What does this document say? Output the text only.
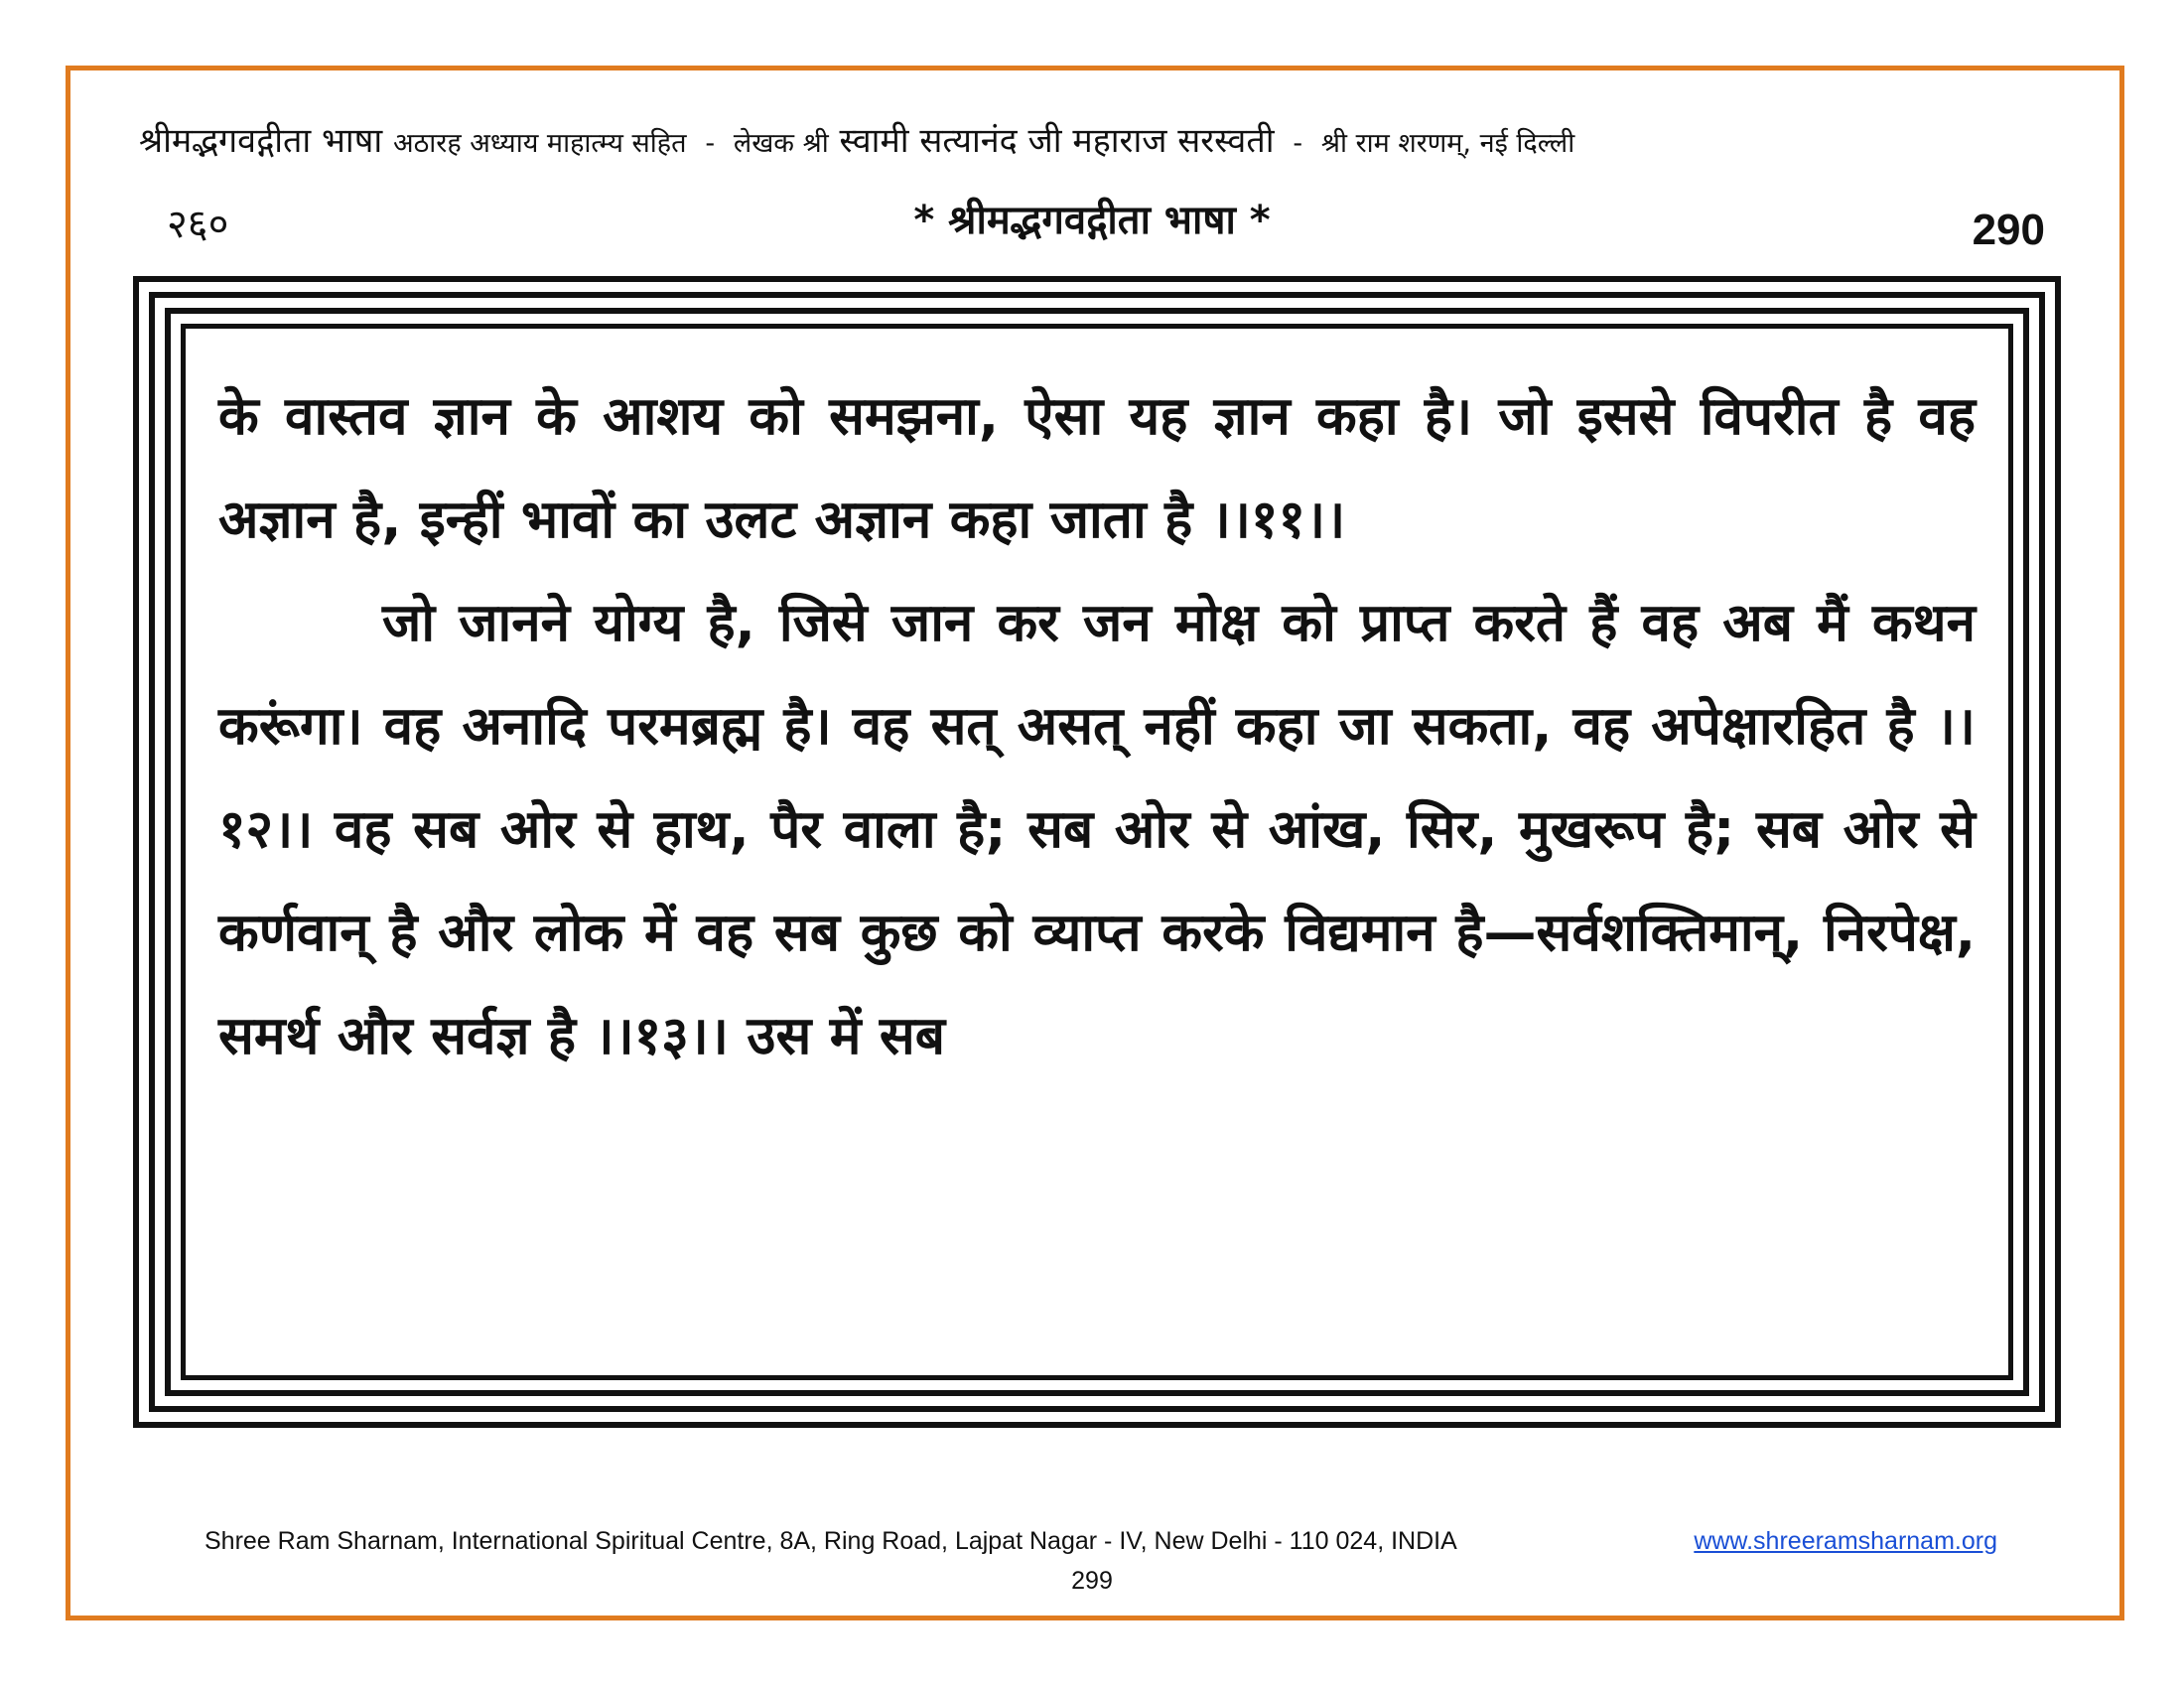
श्रीमद्भगवद्गीता भाषा अठारह अध्याय माहात्म्य सहित - लेखक श्री स्वामी सत्यानंद जी महाराज सरस्वती - श्री राम शरणम्, नई दिल्ली
२६०	* श्रीमद्भगवद्गीता भाषा *	290

के वास्तव ज्ञान के आशय को समझना, ऐसा यह ज्ञान कहा है। जो इससे विपरीत है वह अज्ञान है, इन्हीं भावों का उलट अज्ञान कहा जाता है ।।११।।

जो जानने योग्य है, जिसे जान कर जन मोक्ष को प्राप्त करते हैं वह अब मैं कथन करूंगा। वह अनादि परमब्रह्म है। वह सत् असत् नहीं कहा जा सकता, वह अपेक्षारहित है ।।१२।। वह सब ओर से हाथ, पैर वाला है; सब ओर से आंख, सिर, मुखरूप है; सब ओर से कर्णवान् है और लोक में वह सब कुछ को व्याप्त करके विद्यमान है—सर्वशक्तिमान्, निरपेक्ष, समर्थ और सर्वज्ञ है ।।१३।। उस में सब

Shree Ram Sharnam, International Spiritual Centre, 8A, Ring Road, Lajpat Nagar - IV, New Delhi - 110 024, INDIA	www.shreeramsharnam.org
299
